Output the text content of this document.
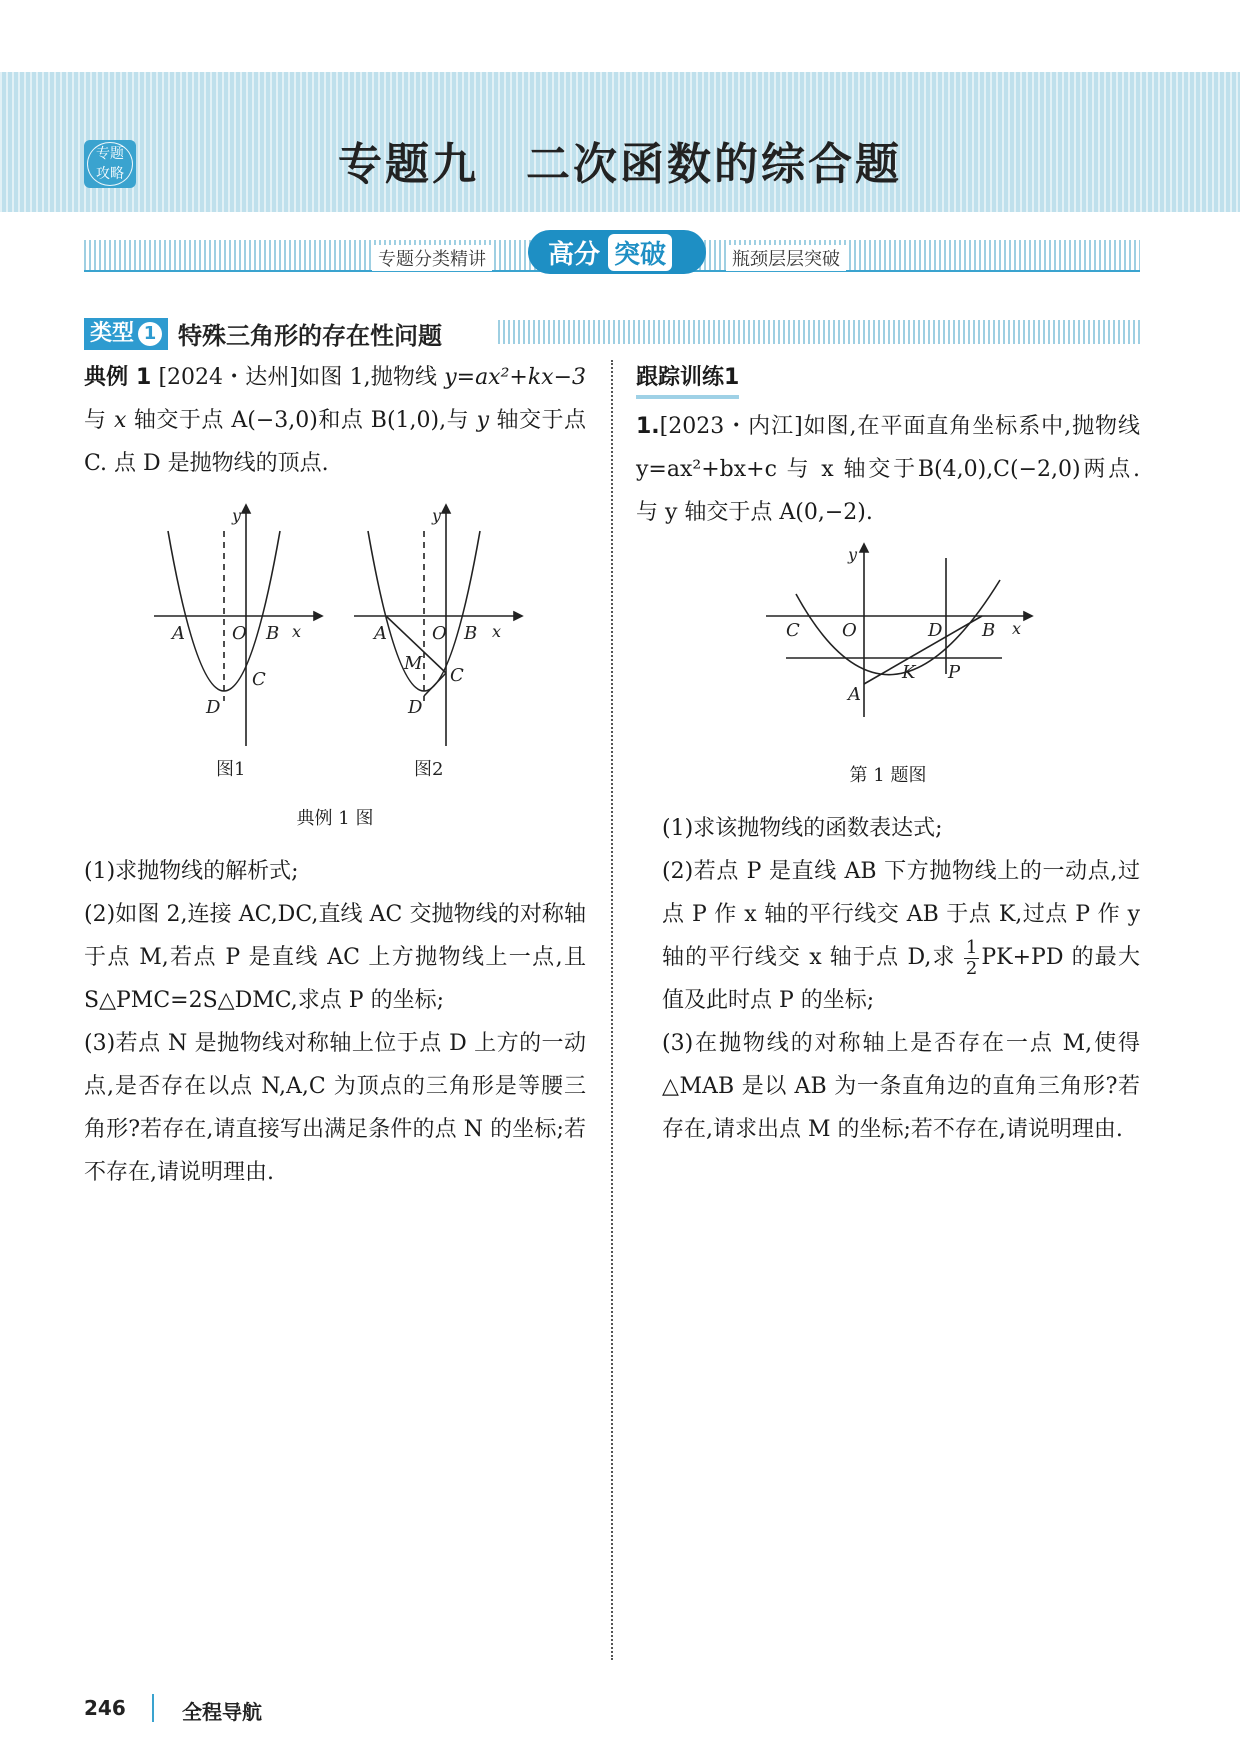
专题
攻略	专题九　二次函数的综合题
专题分类精讲 高分 突破	瓶颈层层突破
类型 1 特殊三角形的存在性问题

典例 1 [2024・达州]如图 1,抛物线 y=ax²+kx−3 与 x 轴交于点 A(−3,0)和点 B(1,0),与 y 轴交于点 C. 点 D 是抛物线的顶点.

A	O B x
y
C
D
图1
A	O B x
y
M
C
D
图2
典例 1 图

(1)求抛物线的解析式;

(2)如图 2,连接 AC,DC,直线 AC 交抛物线的对称轴于点 M,若点 P 是直线 AC 上方抛物线上一点,且 S△PMC=2S△DMC,求点 P 的坐标;

(3)若点 N 是抛物线对称轴上位于点 D 上方的一动点,是否存在以点 N,A,C 为顶点的三角形是等腰三角形?若存在,请直接写出满足条件的点 N 的坐标;若不存在,请说明理由.

跟踪训练1

1.[2023・内江]如图,在平面直角坐标系中,抛物线 y=ax²+bx+c 与 x 轴交于B(4,0),C(−2,0)两点. 与 y 轴交于点 A(0,−2).

C O	D B x
y
K P
A
第 1 题图

(1)求该抛物线的函数表达式;

(2)若点 P 是直线 AB 下方抛物线上的一动点,过点 P 作 x 轴的平行线交 AB 于点 K,过点 P 作 y 轴的平行线交 x 轴于点 D,求 $\frac{1}{2}PK+PD$ 的最大值及此时点 P 的坐标;

(3)在抛物线的对称轴上是否存在一点 M,使得△MAB 是以 AB 为一条直角边的直角三角形?若存在,请求出点 M 的坐标;若不存在,请说明理由.

246	全程导航
